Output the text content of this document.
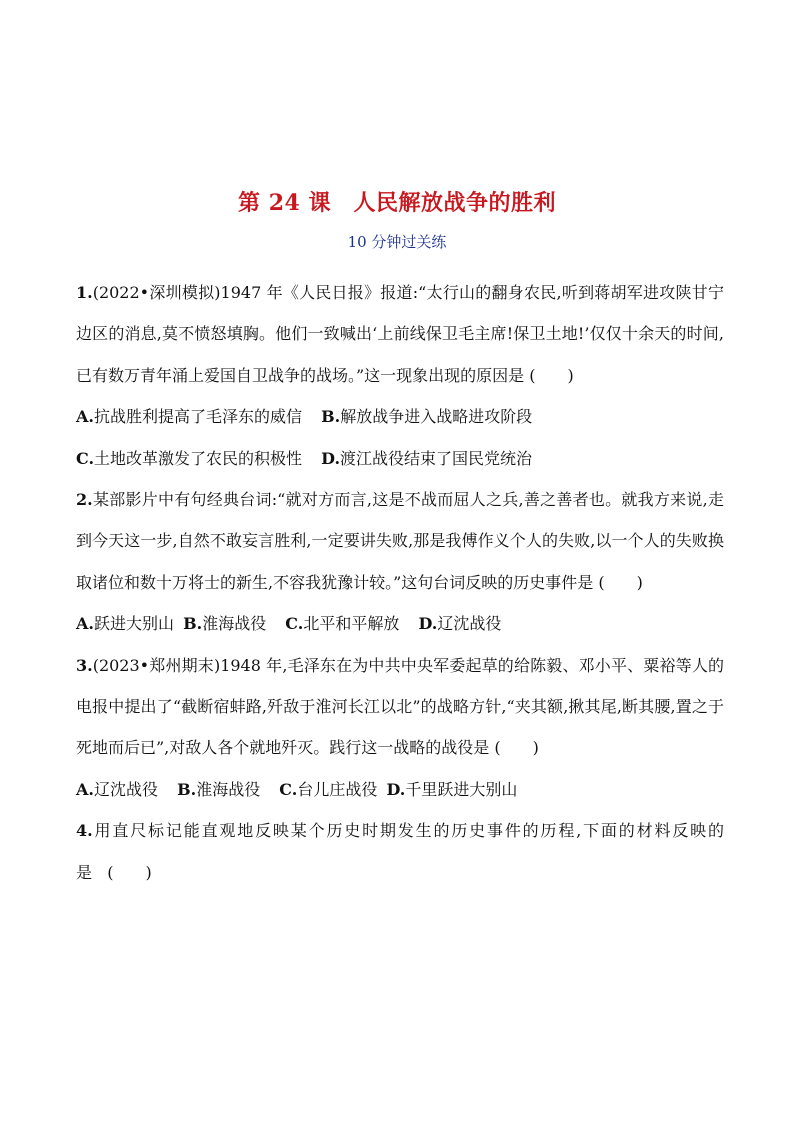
第 24 课　人民解放战争的胜利
10 分钟过关练

1.(2022•深圳模拟)1947 年《人民日报》报道:“太行山的翻身农民,听到蒋胡军进攻陕甘宁边区的消息,莫不愤怒填胸。他们一致喊出‘上前线保卫毛主席!保卫土地!’仅仅十余天的时间,已有数万青年涌上爱国自卫战争的战场。”这一现象出现的原因是 (　　)

A.抗战胜利提高了毛泽东的威信 B.解放战争进入战略进攻阶段

C.土地改革激发了农民的积极性 D.渡江战役结束了国民党统治

2.某部影片中有句经典台词:“就对方而言,这是不战而屈人之兵,善之善者也。就我方来说,走到今天这一步,自然不敢妄言胜利,一定要讲失败,那是我傅作义个人的失败,以一个人的失败换取诸位和数十万将士的新生,不容我犹豫计较。”这句台词反映的历史事件是 (　　)

A.跃进大别山 B.淮海战役 C.北平和平解放 D.辽沈战役

3.(2023•郑州期末)1948 年,毛泽东在为中共中央军委起草的给陈毅、邓小平、粟裕等人的电报中提出了“截断宿蚌路,歼敌于淮河长江以北”的战略方针,“夹其额,揪其尾,断其腰,置之于死地而后已”,对敌人各个就地歼灭。践行这一战略的战役是 (　　)

A.辽沈战役 B.淮海战役 C.台儿庄战役 D.千里跃进大别山

4.用直尺标记能直观地反映某个历史时期发生的历史事件的历程,下面的材料反映的是 (　　)
